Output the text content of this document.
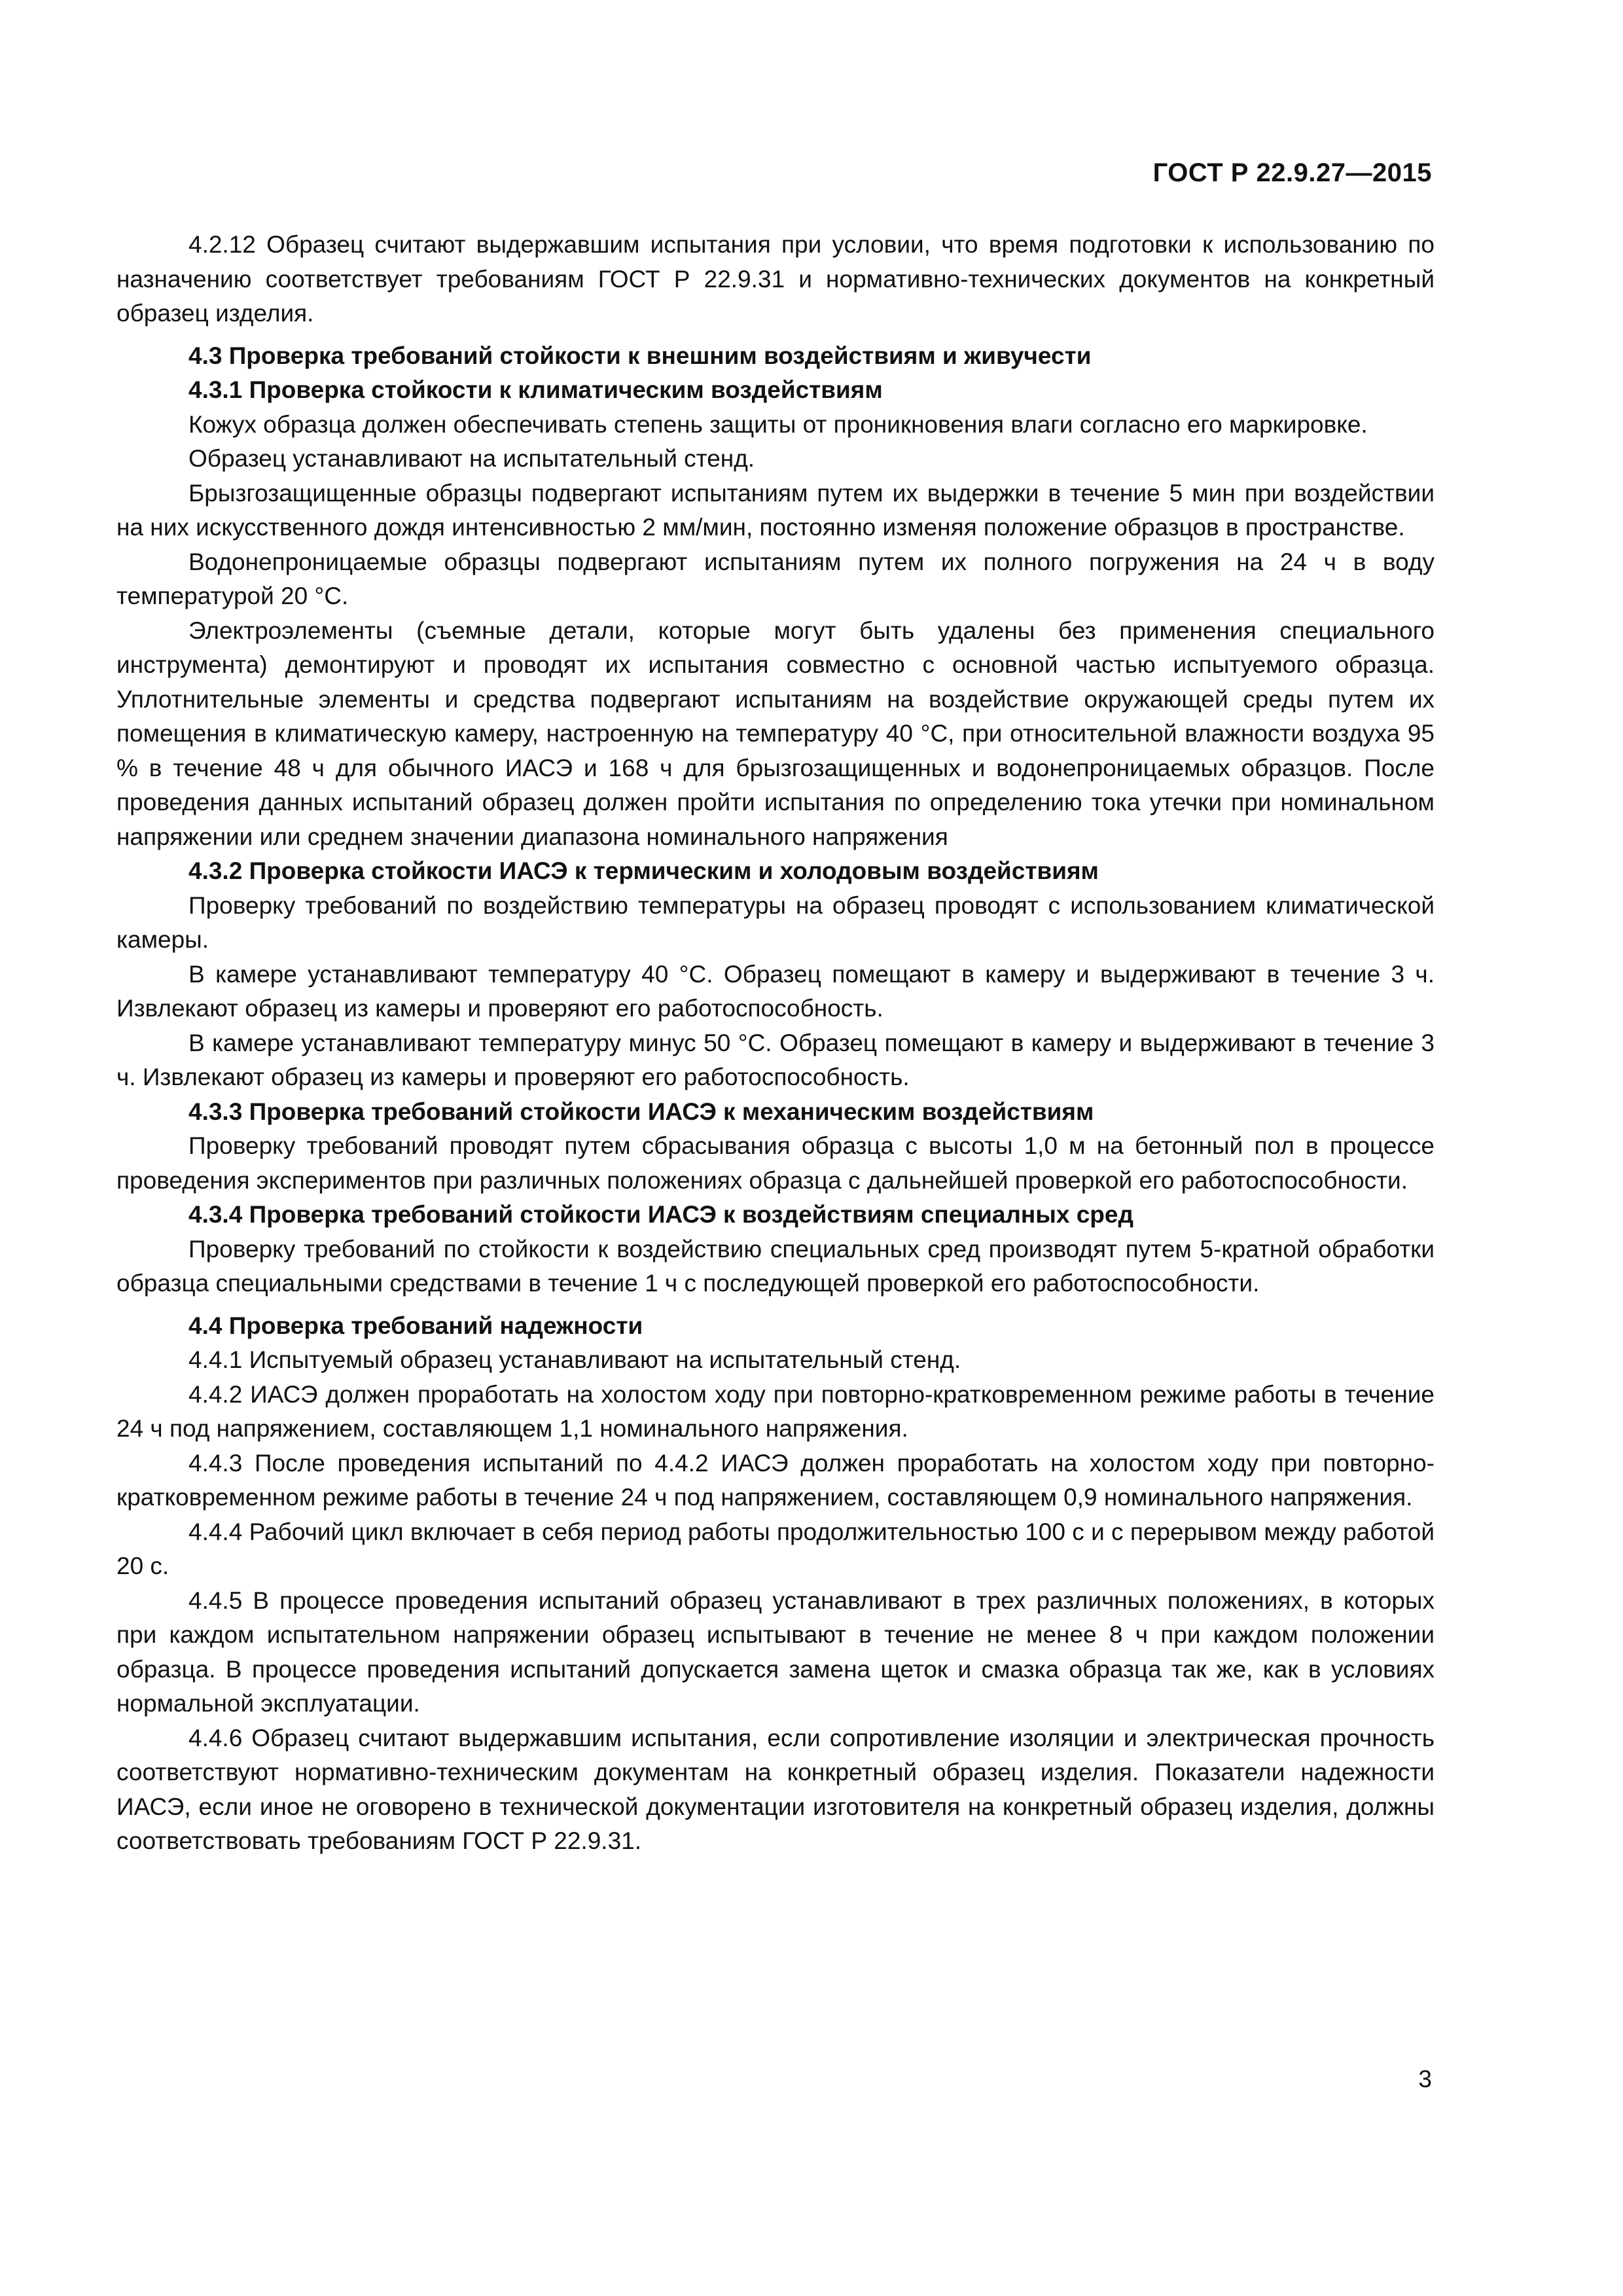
ГОСТ Р 22.9.27—2015

4.2.12 Образец считают выдержавшим испытания при условии, что время подготовки к использованию по назначению соответствует требованиям ГОСТ Р 22.9.31 и нормативно-технических документов на конкретный образец изделия.

4.3 Проверка требований стойкости к внешним воздействиям и живучести

4.3.1 Проверка стойкости к климатическим воздействиям

Кожух образца должен обеспечивать степень защиты от проникновения влаги согласно его маркировке.

Образец устанавливают на испытательный стенд.

Брызгозащищенные образцы подвергают испытаниям путем их выдержки в течение 5 мин при воздействии на них искусственного дождя интенсивностью 2 мм/мин, постоянно изменяя положение образцов в пространстве.

Водонепроницаемые образцы подвергают испытаниям путем их полного погружения на 24 ч в воду температурой 20 °С.

Электроэлементы (съемные детали, которые могут быть удалены без применения специального инструмента) демонтируют и проводят их испытания совместно с основной частью испытуемого образца. Уплотнительные элементы и средства подвергают испытаниям на воздействие окружающей среды путем их помещения в климатическую камеру, настроенную на температуру 40 °С, при относительной влажности воздуха 95 % в течение 48 ч для обычного ИАСЭ и 168 ч для брызгозащищенных и водонепроницаемых образцов. После проведения данных испытаний образец должен пройти испытания по определению тока утечки при номинальном напряжении или среднем значении диапазона номинального напряжения

4.3.2 Проверка стойкости ИАСЭ к термическим и холодовым воздействиям

Проверку требований по воздействию температуры на образец проводят с использованием климатической камеры.

В камере устанавливают температуру 40 °С. Образец помещают в камеру и выдерживают в течение 3 ч. Извлекают образец из камеры и проверяют его работоспособность.

В камере устанавливают температуру минус 50 °С. Образец помещают в камеру и выдерживают в течение 3 ч. Извлекают образец из камеры и проверяют его работоспособность.

4.3.3 Проверка требований стойкости ИАСЭ к механическим воздействиям

Проверку требований проводят путем сбрасывания образца с высоты 1,0 м на бетонный пол в процессе проведения экспериментов при различных положениях образца с дальнейшей проверкой его работоспособности.

4.3.4 Проверка требований стойкости ИАСЭ к воздействиям специалных сред

Проверку требований по стойкости к воздействию специальных сред производят путем 5-кратной обработки образца специальными средствами в течение 1 ч с последующей проверкой его работоспособности.

4.4 Проверка требований надежности

4.4.1 Испытуемый образец устанавливают на испытательный стенд.

4.4.2 ИАСЭ должен проработать на холостом ходу при повторно-кратковременном режиме работы в течение 24 ч под напряжением, составляющем 1,1 номинального напряжения.

4.4.3 После проведения испытаний по 4.4.2 ИАСЭ должен проработать на холостом ходу при повторно-кратковременном режиме работы в течение 24 ч под напряжением, составляющем 0,9 номинального напряжения.

4.4.4 Рабочий цикл включает в себя период работы продолжительностью 100 с и с перерывом между работой 20 с.

4.4.5 В процессе проведения испытаний образец устанавливают в трех различных положениях, в которых при каждом испытательном напряжении образец испытывают в течение не менее 8 ч при каждом положении образца. В процессе проведения испытаний допускается замена щеток и смазка образца так же, как в условиях нормальной эксплуатации.

4.4.6 Образец считают выдержавшим испытания, если сопротивление изоляции и электрическая прочность соответствуют нормативно-техническим документам на конкретный образец изделия. Показатели надежности ИАСЭ, если иное не оговорено в технической документации изготовителя на конкретный образец изделия, должны соответствовать требованиям ГОСТ Р 22.9.31.

3
